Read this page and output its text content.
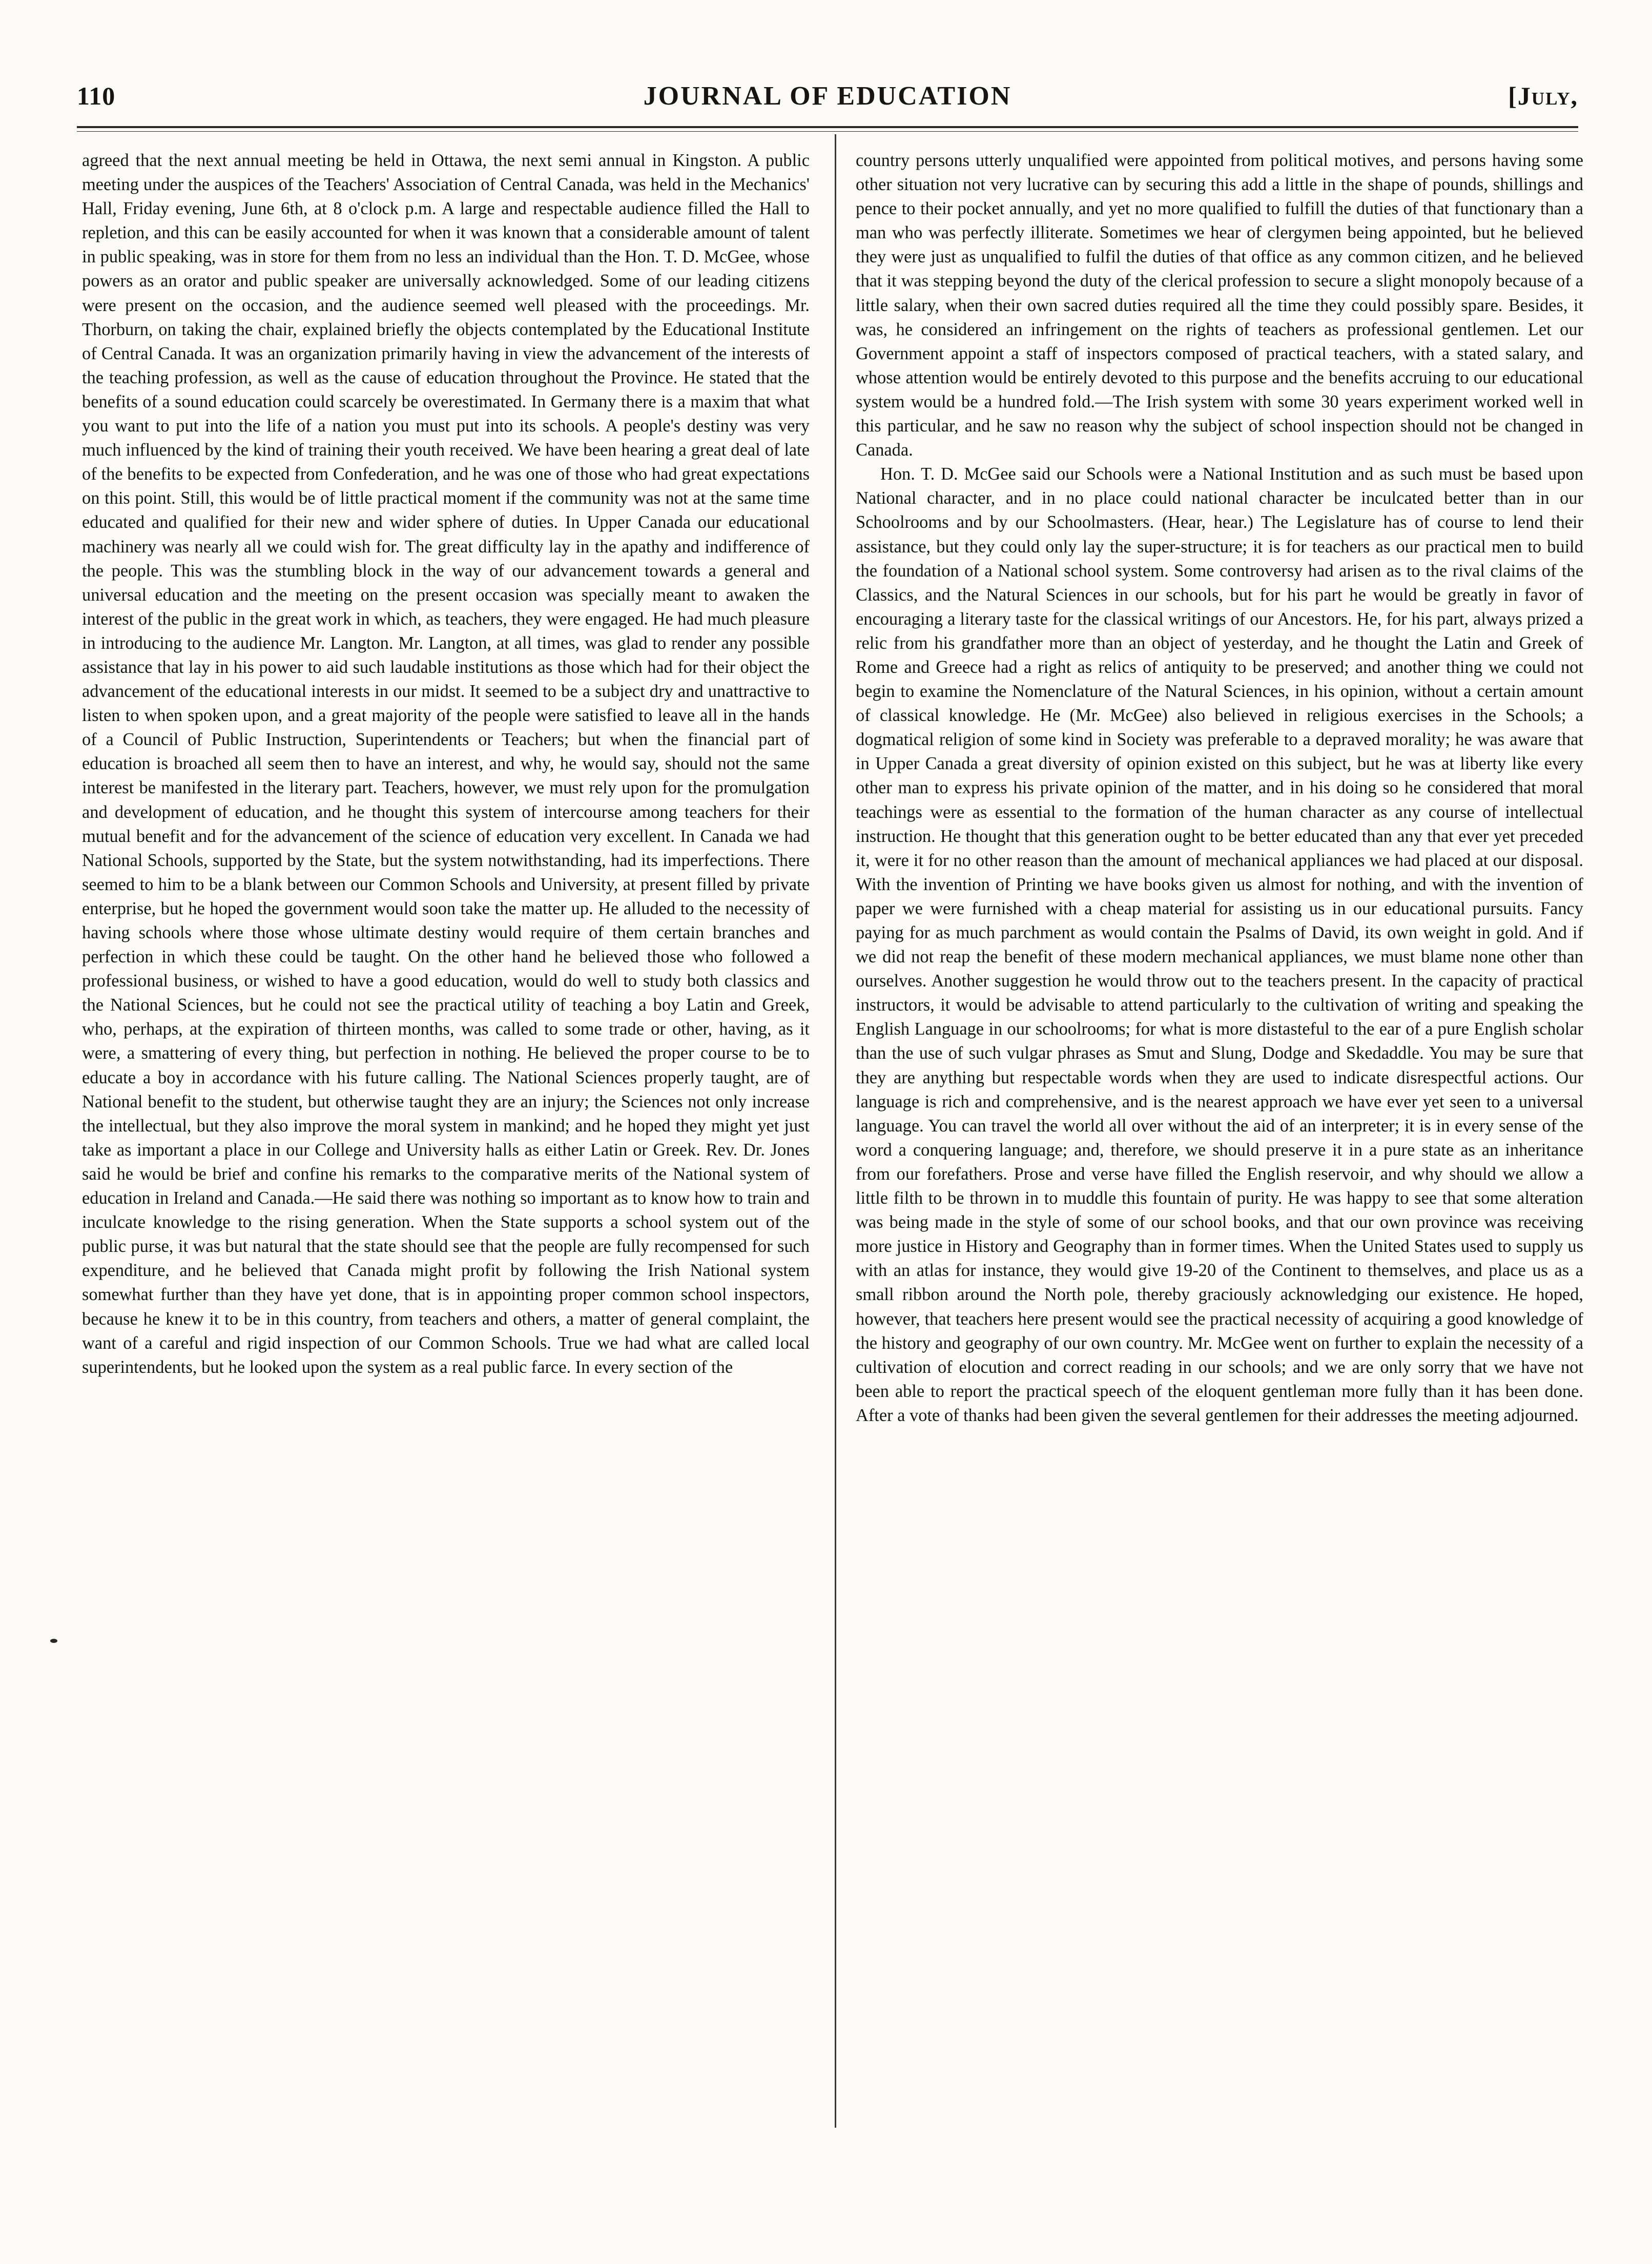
110	JOURNAL OF EDUCATION	[July,

agreed that the next annual meeting be held in Ottawa, the next semi annual in Kingston. A public meeting under the auspices of the Teachers' Association of Central Canada, was held in the Mechanics' Hall, Friday evening, June 6th, at 8 o'clock p.m. A large and respectable audience filled the Hall to repletion, and this can be easily accounted for when it was known that a considerable amount of talent in public speaking, was in store for them from no less an individual than the Hon. T. D. McGee, whose powers as an orator and public speaker are universally acknowledged. Some of our leading citizens were present on the occasion, and the audience seemed well pleased with the proceedings. Mr. Thorburn, on taking the chair, explained briefly the objects contemplated by the Educational Institute of Central Canada. It was an organization primarily having in view the advancement of the interests of the teaching profession, as well as the cause of education throughout the Province. He stated that the benefits of a sound education could scarcely be overestimated. In Germany there is a maxim that what you want to put into the life of a nation you must put into its schools. A people's destiny was very much influenced by the kind of training their youth received. We have been hearing a great deal of late of the benefits to be expected from Confederation, and he was one of those who had great expectations on this point. Still, this would be of little practical moment if the community was not at the same time educated and qualified for their new and wider sphere of duties. In Upper Canada our educational machinery was nearly all we could wish for. The great difficulty lay in the apathy and indifference of the people. This was the stumbling block in the way of our advancement towards a general and universal education and the meeting on the present occasion was specially meant to awaken the interest of the public in the great work in which, as teachers, they were engaged. He had much pleasure in introducing to the audience Mr. Langton. Mr. Langton, at all times, was glad to render any possible assistance that lay in his power to aid such laudable institutions as those which had for their object the advancement of the educational interests in our midst. It seemed to be a subject dry and unattractive to listen to when spoken upon, and a great majority of the people were satisfied to leave all in the hands of a Council of Public Instruction, Superintendents or Teachers; but when the financial part of education is broached all seem then to have an interest, and why, he would say, should not the same interest be manifested in the literary part. Teachers, however, we must rely upon for the promulgation and development of education, and he thought this system of intercourse among teachers for their mutual benefit and for the advancement of the science of education very excellent. In Canada we had National Schools, supported by the State, but the system notwithstanding, had its imperfections. There seemed to him to be a blank between our Common Schools and University, at present filled by private enterprise, but he hoped the government would soon take the matter up. He alluded to the necessity of having schools where those whose ultimate destiny would require of them certain branches and perfection in which these could be taught. On the other hand he believed those who followed a professional business, or wished to have a good education, would do well to study both classics and the National Sciences, but he could not see the practical utility of teaching a boy Latin and Greek, who, perhaps, at the expiration of thirteen months, was called to some trade or other, having, as it were, a smattering of every thing, but perfection in nothing. He believed the proper course to be to educate a boy in accordance with his future calling. The National Sciences properly taught, are of National benefit to the student, but otherwise taught they are an injury; the Sciences not only increase the intellectual, but they also improve the moral system in mankind; and he hoped they might yet just take as important a place in our College and University halls as either Latin or Greek. Rev. Dr. Jones said he would be brief and confine his remarks to the comparative merits of the National system of education in Ireland and Canada.—He said there was nothing so important as to know how to train and inculcate knowledge to the rising generation. When the State supports a school system out of the public purse, it was but natural that the state should see that the people are fully recompensed for such expenditure, and he believed that Canada might profit by following the Irish National system somewhat further than they have yet done, that is in appointing proper common school inspectors, because he knew it to be in this country, from teachers and others, a matter of general complaint, the want of a careful and rigid inspection of our Common Schools. True we had what are called local superintendents, but he looked upon the system as a real public farce. In every section of the

country persons utterly unqualified were appointed from political motives, and persons having some other situation not very lucrative can by securing this add a little in the shape of pounds, shillings and pence to their pocket annually, and yet no more qualified to fulfill the duties of that functionary than a man who was perfectly illiterate. Sometimes we hear of clergymen being appointed, but he believed they were just as unqualified to fulfil the duties of that office as any common citizen, and he believed that it was stepping beyond the duty of the clerical profession to secure a slight monopoly because of a little salary, when their own sacred duties required all the time they could possibly spare. Besides, it was, he considered an infringement on the rights of teachers as professional gentlemen. Let our Government appoint a staff of inspectors composed of practical teachers, with a stated salary, and whose attention would be entirely devoted to this purpose and the benefits accruing to our educational system would be a hundred fold.—The Irish system with some 30 years experiment worked well in this particular, and he saw no reason why the subject of school inspection should not be changed in Canada.

Hon. T. D. McGee said our Schools were a National Institution and as such must be based upon National character, and in no place could national character be inculcated better than in our Schoolrooms and by our Schoolmasters. (Hear, hear.) The Legislature has of course to lend their assistance, but they could only lay the super-structure; it is for teachers as our practical men to build the foundation of a National school system. Some controversy had arisen as to the rival claims of the Classics, and the Natural Sciences in our schools, but for his part he would be greatly in favor of encouraging a literary taste for the classical writings of our Ancestors. He, for his part, always prized a relic from his grandfather more than an object of yesterday, and he thought the Latin and Greek of Rome and Greece had a right as relics of antiquity to be preserved; and another thing we could not begin to examine the Nomenclature of the Natural Sciences, in his opinion, without a certain amount of classical knowledge. He (Mr. McGee) also believed in religious exercises in the Schools; a dogmatical religion of some kind in Society was preferable to a depraved morality; he was aware that in Upper Canada a great diversity of opinion existed on this subject, but he was at liberty like every other man to express his private opinion of the matter, and in his doing so he considered that moral teachings were as essential to the formation of the human character as any course of intellectual instruction. He thought that this generation ought to be better educated than any that ever yet preceded it, were it for no other reason than the amount of mechanical appliances we had placed at our disposal. With the invention of Printing we have books given us almost for nothing, and with the invention of paper we were furnished with a cheap material for assisting us in our educational pursuits. Fancy paying for as much parchment as would contain the Psalms of David, its own weight in gold. And if we did not reap the benefit of these modern mechanical appliances, we must blame none other than ourselves. Another suggestion he would throw out to the teachers present. In the capacity of practical instructors, it would be advisable to attend particularly to the cultivation of writing and speaking the English Language in our schoolrooms; for what is more distasteful to the ear of a pure English scholar than the use of such vulgar phrases as Smut and Slung, Dodge and Skedaddle. You may be sure that they are anything but respectable words when they are used to indicate disrespectful actions. Our language is rich and comprehensive, and is the nearest approach we have ever yet seen to a universal language. You can travel the world all over without the aid of an interpreter; it is in every sense of the word a conquering language; and, therefore, we should preserve it in a pure state as an inheritance from our forefathers. Prose and verse have filled the English reservoir, and why should we allow a little filth to be thrown in to muddle this fountain of purity. He was happy to see that some alteration was being made in the style of some of our school books, and that our own province was receiving more justice in History and Geography than in former times. When the United States used to supply us with an atlas for instance, they would give 19-20 of the Continent to themselves, and place us as a small ribbon around the North pole, thereby graciously acknowledging our existence. He hoped, however, that teachers here present would see the practical necessity of acquiring a good knowledge of the history and geography of our own country. Mr. McGee went on further to explain the necessity of a cultivation of elocution and correct reading in our schools; and we are only sorry that we have not been able to report the practical speech of the eloquent gentleman more fully than it has been done. After a vote of thanks had been given the several gentlemen for their addresses the meeting adjourned.
